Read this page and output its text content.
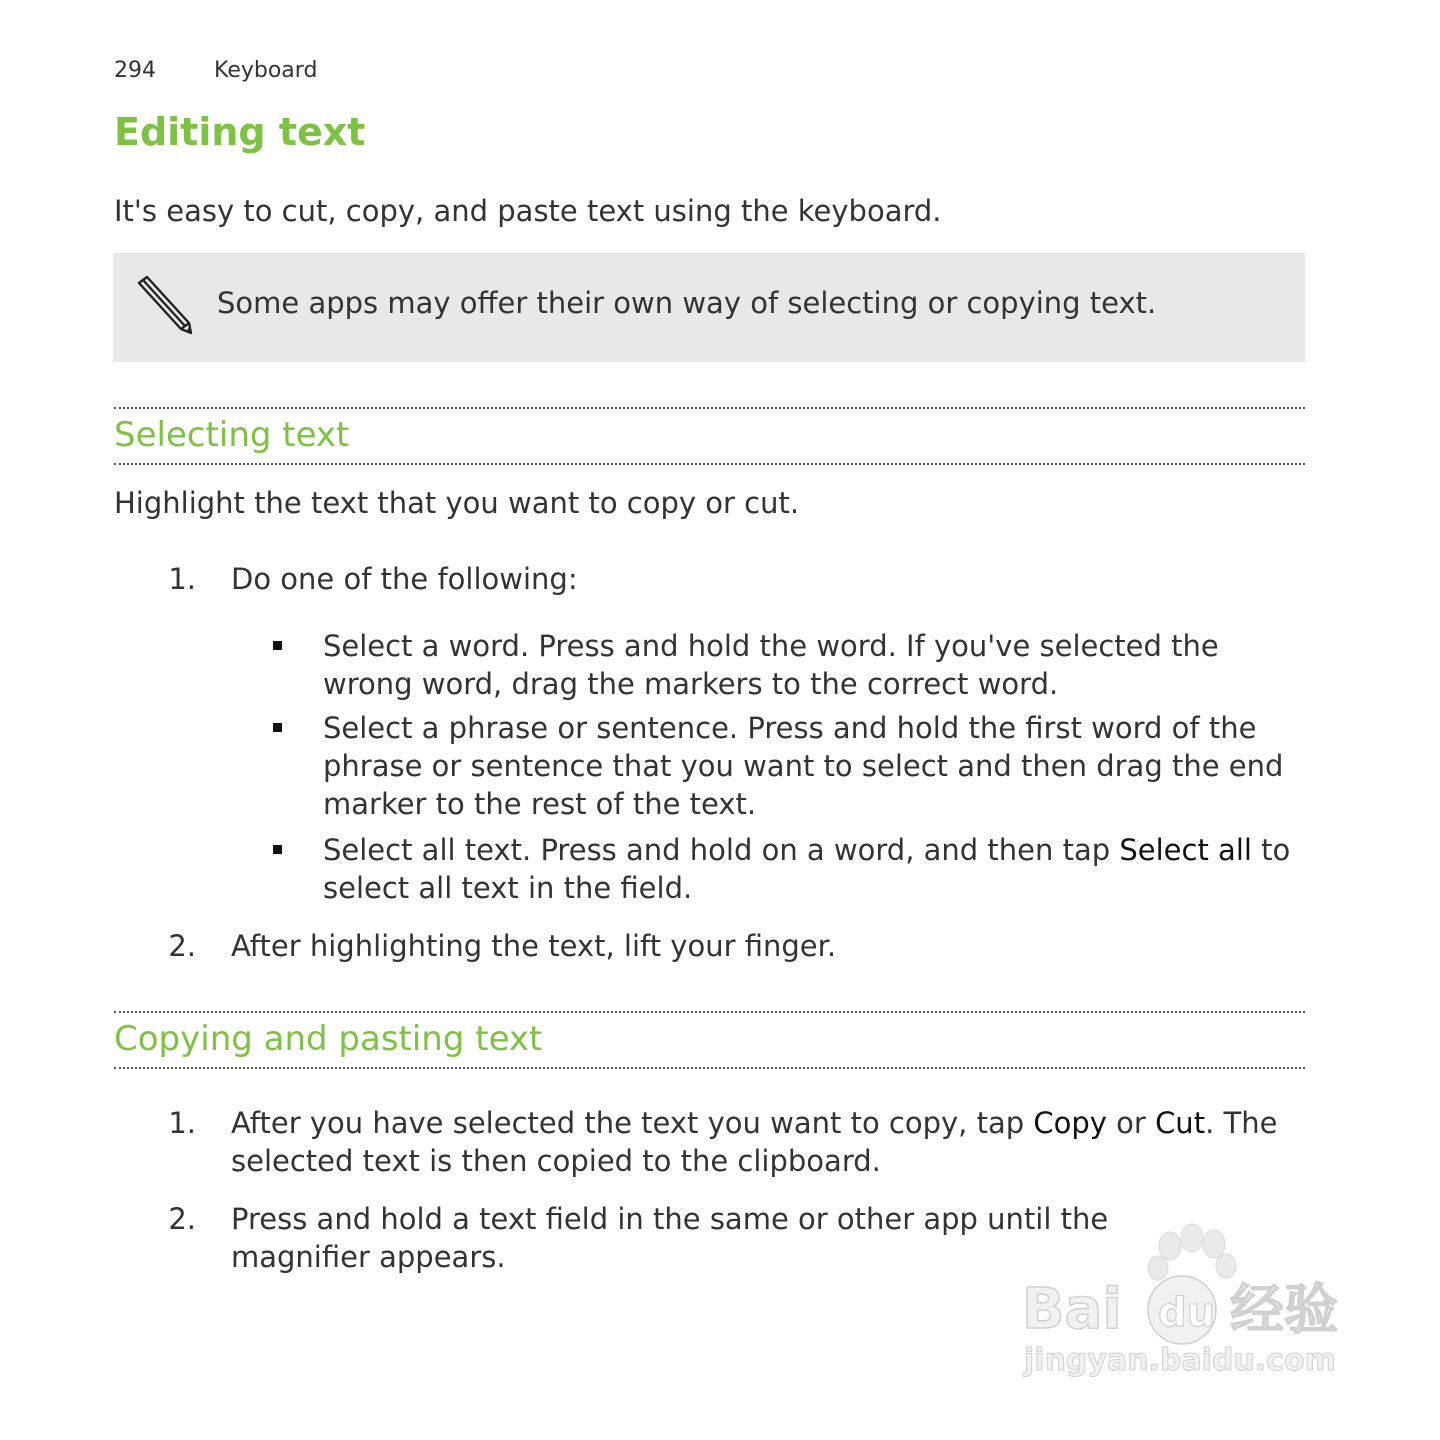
294	Keyboard
Editing text

It's easy to cut, copy, and paste text using the keyboard.

Some apps may offer their own way of selecting or copying text.
Selecting text

Highlight the text that you want to copy or cut.

1. Do one of the following:
Select a word. Press and hold the word. If you've selected the wrong word, drag the markers to the correct word.
Select a phrase or sentence. Press and hold the first word of the phrase or sentence that you want to select and then drag the end marker to the rest of the text.
Select all text. Press and hold on a word, and then tap Select all to select all text in the field.
2. After highlighting the text, lift your finger.
Copying and pasting text
1. After you have selected the text you want to copy, tap Copy or Cut. The selected text is then copied to the clipboard.
2. Press and hold a text field in the same or other app until the magnifier appears.
Bai du 经验
jingyan.baidu.com
